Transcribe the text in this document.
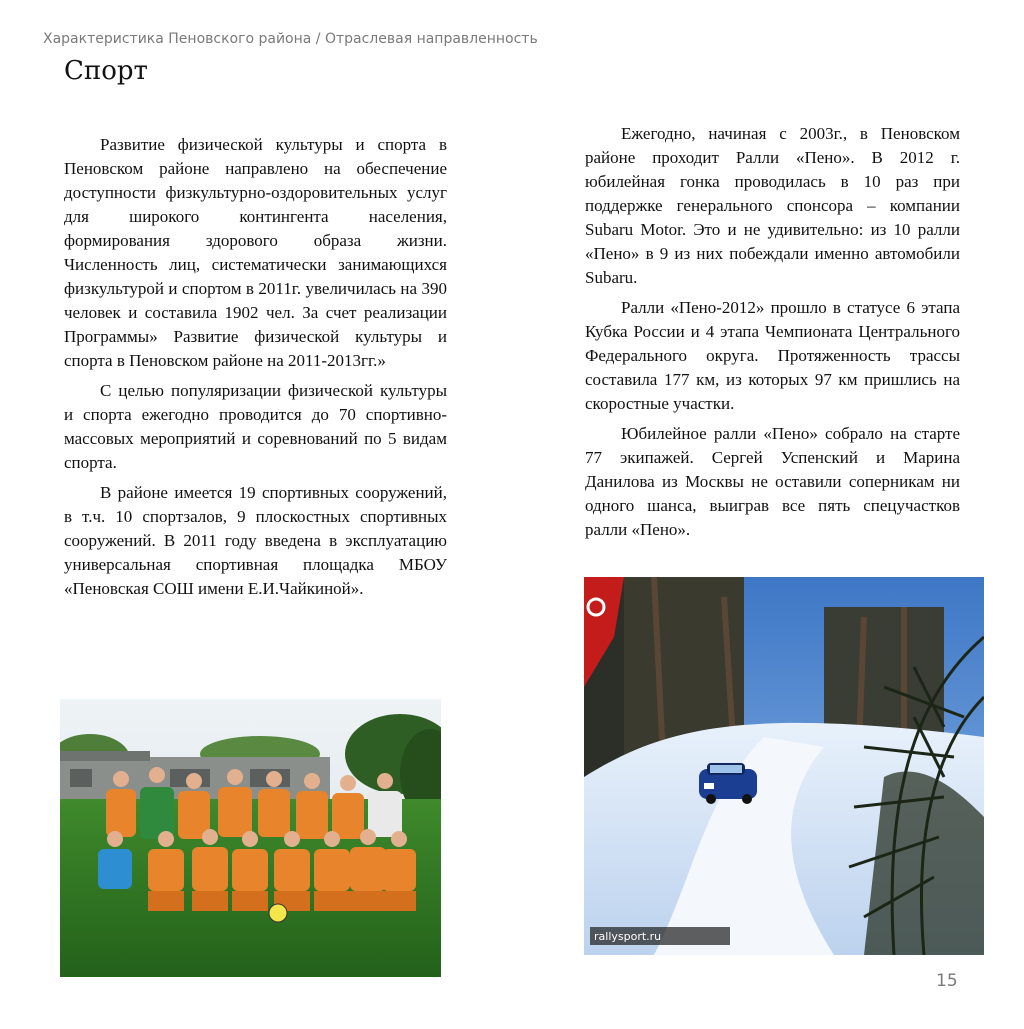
Характеристика Пеновского района / Отраслевая направленность
Спорт

Развитие физической культуры и спорта в Пеновском районе направлено на обеспечение доступности физкультурно-оздоровительных услуг для широкого контингента населения, формирования здорового образа жизни. Численность лиц, систематически занимающихся физкультурой и спортом в 2011г. увеличилась на 390 человек и составила 1902 чел. За счет реализации Программы» Развитие физической культуры и спорта в Пеновском районе на 2011-2013гг.»

С целью популяризации физической культуры и спорта ежегодно проводится до 70 спортивно-массовых мероприятий и соревнований по 5 видам спорта.

В районе имеется 19 спортивных сооружений, в т.ч. 10 спортзалов, 9 плоскостных спортивных сооружений. В 2011 году введена в эксплуатацию универсальная спортивная площадка МБОУ «Пеновская СОШ имени Е.И.Чайкиной».

Ежегодно, начиная с 2003г., в Пеновском районе проходит Ралли «Пено». В 2012 г. юбилейная гонка проводилась в 10 раз при поддержке генерального спонсора – компании Subaru Motor. Это и не удивительно: из 10 ралли «Пено» в 9 из них побеждали именно автомобили Subaru.

Ралли «Пено-2012» прошло в статусе 6 этапа Кубка России и 4 этапа Чемпионата Центрального Федерального округа. Протяженность трассы составила 177 км, из которых 97 км пришлись на скоростные участки.

Юбилейное ралли «Пено» собрало на старте 77 экипажей. Сергей Успенский и Марина Данилова из Москвы не оставили соперникам ни одного шанса, выиграв все пять спецучастков ралли «Пено».

rallysport.ru
15
